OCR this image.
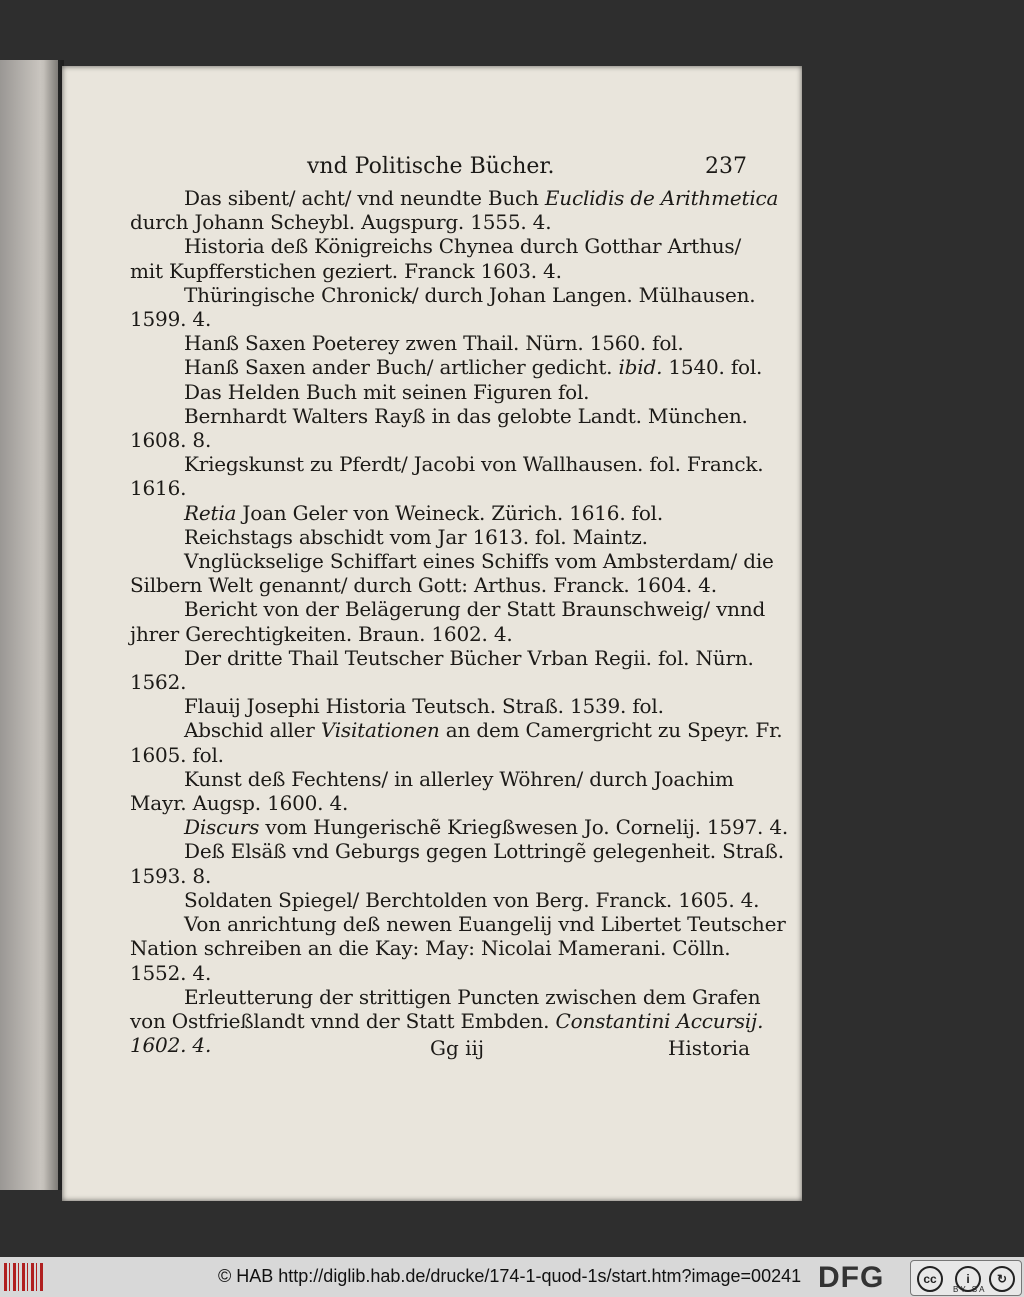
vnd Politische Bücher.	237
Das sibent/ acht/ vnd neundte Buch Euclidis de Arithmetica
durch Johann Scheybl. Augspurg. 1555. 4.
Historia deß Königreichs Chynea durch Gotthar Arthus/
mit Kupfferstichen geziert. Franck 1603. 4.
Thüringische Chronick/ durch Johan Langen. Mülhausen.
1599. 4.
Hanß Saxen Poeterey zwen Thail. Nürn. 1560. fol.
Hanß Saxen ander Buch/ artlicher gedicht. ibid. 1540. fol.
Das Helden Buch mit seinen Figuren fol.
Bernhardt Walters Rayß in das gelobte Landt. München.
1608. 8.
Kriegskunst zu Pferdt/ Jacobi von Wallhausen. fol. Franck.
1616.
Retia Joan Geler von Weineck. Zürich. 1616. fol.
Reichstags abschidt vom Jar 1613. fol. Maintz.
Vnglückselige Schiffart eines Schiffs vom Ambsterdam/ die
Silbern Welt genannt/ durch Gott: Arthus. Franck. 1604. 4.
Bericht von der Belägerung der Statt Braunschweig/ vnnd
jhrer Gerechtigkeiten. Braun. 1602. 4.
Der dritte Thail Teutscher Bücher Vrban Regii. fol. Nürn.
1562.
Flauij Josephi Historia Teutsch. Straß. 1539. fol.
Abschid aller Visitationen an dem Camergricht zu Speyr. Fr.
1605. fol.
Kunst deß Fechtens/ in allerley Wöhren/ durch Joachim
Mayr. Augsp. 1600. 4.
Discurs vom Hungerischẽ Kriegßwesen Jo. Cornelij. 1597. 4.
Deß Elsäß vnd Geburgs gegen Lottringẽ gelegenheit. Straß.
1593. 8.
Soldaten Spiegel/ Berchtolden von Berg. Franck. 1605. 4.
Von anrichtung deß newen Euangelij vnd Libertet Teutscher
Nation schreiben an die Kay: May: Nicolai Mamerani. Cölln.
1552. 4.
Erleutterung der strittigen Puncten zwischen dem Grafen
von Ostfrießlandt vnnd der Statt Embden. Constantini Accursij.
1602. 4.	Gg iij	Historia
© HAB http://diglib.hab.de/drucke/174-1-quod-1s/start.htm?image=00241 DFG	cc	i	↻
BY SA
